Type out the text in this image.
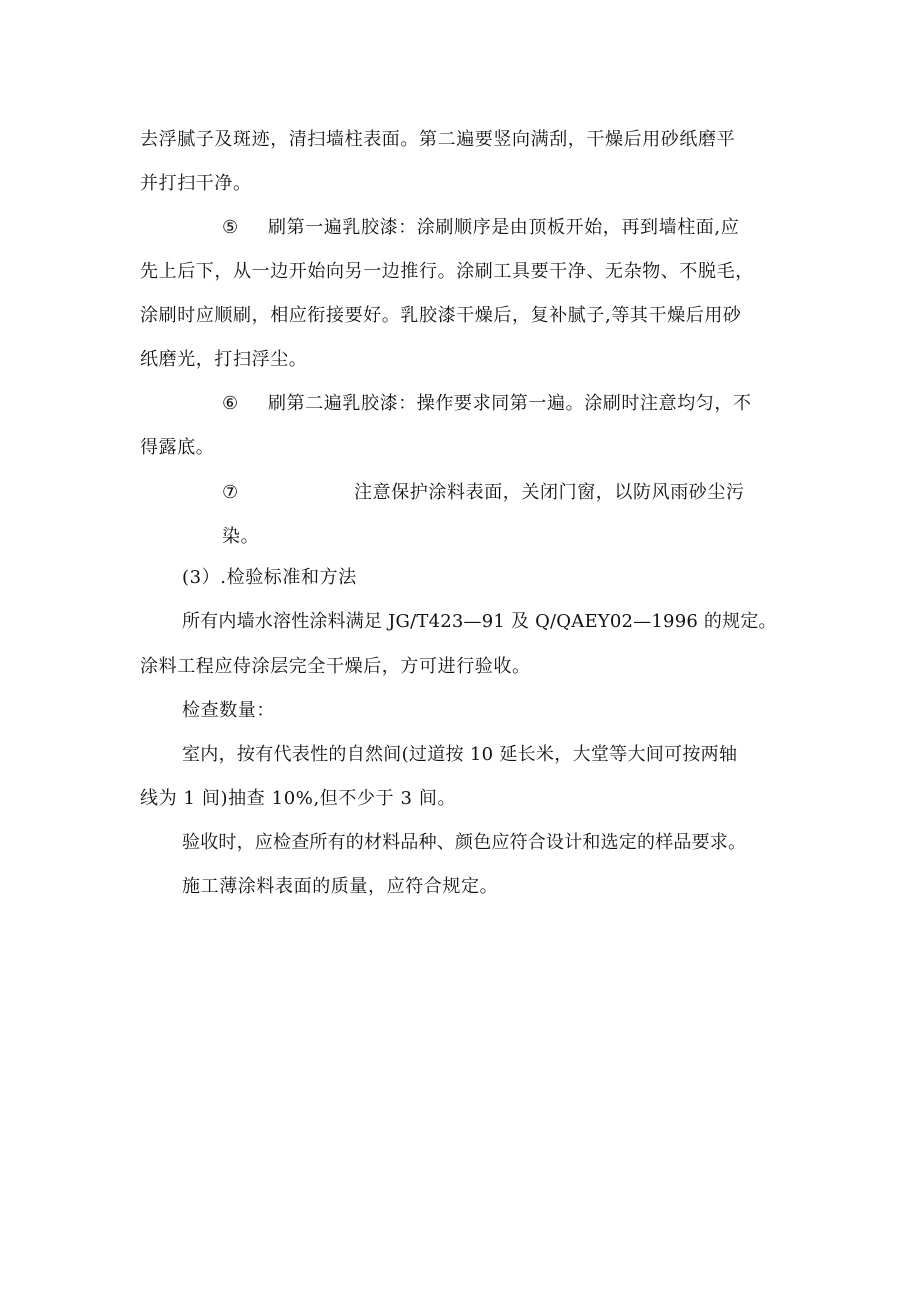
去浮腻子及斑迹，清扫墙柱表面。第二遍要竖向满刮，干燥后用砂纸磨平
并打扫干净。
⑤ 刷第一遍乳胶漆：涂刷顺序是由顶板开始，再到墙柱面,应
先上后下，从一边开始向另一边推行。涂刷工具要干净、无杂物、不脱毛，
涂刷时应顺刷，相应衔接要好。乳胶漆干燥后，复补腻子,等其干燥后用砂
纸磨光，打扫浮尘。
⑥ 刷第二遍乳胶漆：操作要求同第一遍。涂刷时注意均匀，不
得露底。
⑦	注意保护涂料表面，关闭门窗，以防风雨砂尘污
染。
(3）.检验标准和方法
所有内墙水溶性涂料满足 JG/T423—91 及 Q/QAEY02—1996 的规定。
涂料工程应侍涂层完全干燥后，方可进行验收。
检查数量：
室内，按有代表性的自然间(过道按 10 延长米，大堂等大间可按两轴
线为 1 间)抽查 10%,但不少于 3 间。
验收时，应检查所有的材料品种、颜色应符合设计和选定的样品要求。
施工薄涂料表面的质量，应符合规定。
